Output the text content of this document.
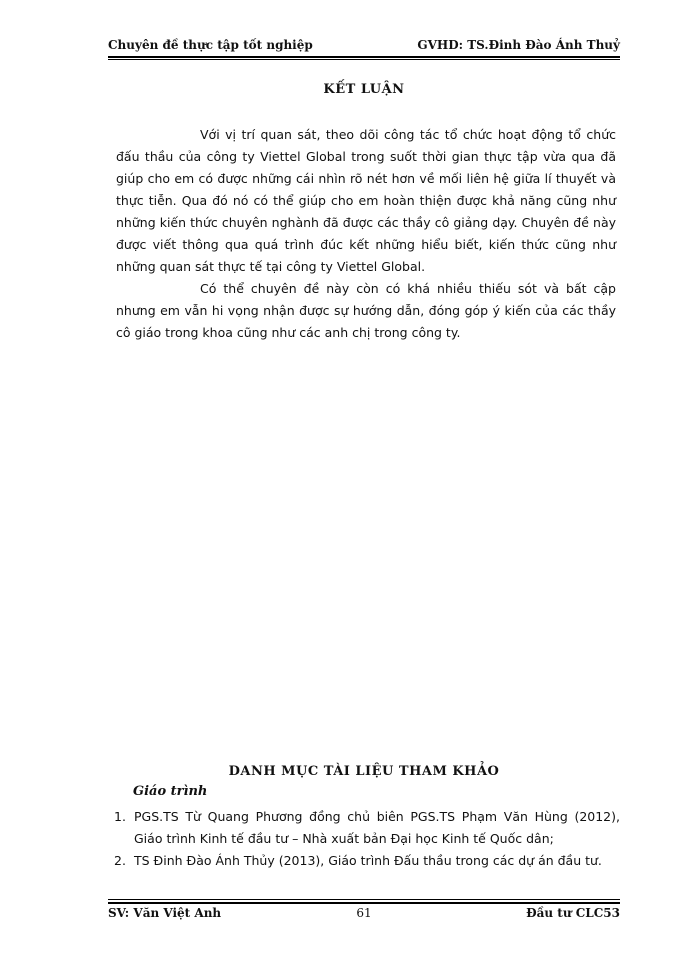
Chuyên đề thực tập tốt nghiệp	GVHD: TS.Đinh Đào Ánh Thuỷ
KẾT LUẬN

Với vị trí quan sát, theo dõi công tác tổ chức hoạt động tổ chức đấu thầu của công ty Viettel Global trong suốt thời gian thực tập vừa qua đã giúp cho em có được những cái nhìn rõ nét hơn về mối liên hệ giữa lí thuyết và thực tiễn. Qua đó nó có thể giúp cho em hoàn thiện được khả năng cũng như những kiến thức chuyên nghành đã được các thầy cô giảng dạy. Chuyên đề này được viết thông qua quá trình đúc kết những hiểu biết, kiến thức cũng như những quan sát thực tế tại công ty Viettel Global.

Có thể chuyên đề này còn có khá nhiều thiếu sót và bất cập nhưng em vẫn hi vọng nhận được sự hướng dẫn, đóng góp ý kiến của các thầy cô giáo trong khoa cũng như các anh chị trong công ty.

DANH MỤC TÀI LIỆU THAM KHẢO
Giáo trình
1. PGS.TS Từ Quang Phương đồng chủ biên PGS.TS Phạm Văn Hùng (2012), Giáo trình Kinh tế đầu tư – Nhà xuất bản Đại học Kinh tế Quốc dân;
2. TS Đinh Đào Ánh Thủy (2013), Giáo trình Đấu thầu trong các dự án đầu tư.
SV: Văn Việt Anh	61	Đầu tư CLC53
